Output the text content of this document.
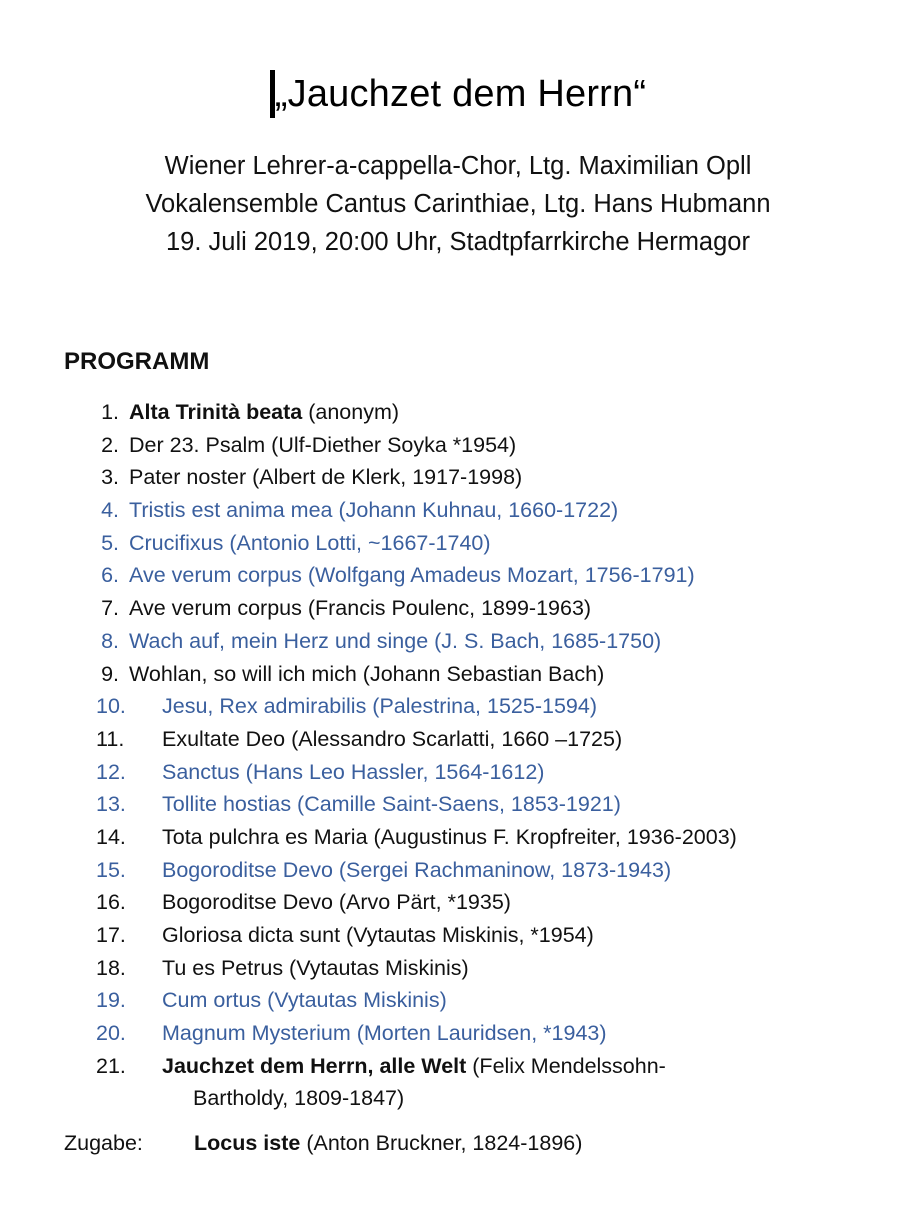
„Jauchzet dem Herrn“
Wiener Lehrer-a-cappella-Chor, Ltg. Maximilian Opll
Vokalensemble Cantus Carinthiae, Ltg. Hans Hubmann
19. Juli 2019, 20:00 Uhr, Stadtpfarrkirche Hermagor
PROGRAMM
1. Alta Trinità beata (anonym)
2. Der 23. Psalm (Ulf-Diether Soyka *1954)
3. Pater noster (Albert de Klerk, 1917-1998)
4. Tristis est anima mea (Johann Kuhnau, 1660-1722)
5. Crucifixus (Antonio Lotti, ~1667-1740)
6. Ave verum corpus (Wolfgang Amadeus Mozart, 1756-1791)
7. Ave verum corpus (Francis Poulenc, 1899-1963)
8. Wach auf, mein Herz und singe (J. S. Bach, 1685-1750)
9. Wohlan, so will ich mich (Johann Sebastian Bach)
10. Jesu, Rex admirabilis (Palestrina, 1525-1594)
11. Exultate Deo (Alessandro Scarlatti, 1660 –1725)
12. Sanctus (Hans Leo Hassler, 1564-1612)
13. Tollite hostias (Camille Saint-Saens, 1853-1921)
14. Tota pulchra es Maria (Augustinus F. Kropfreiter, 1936-2003)
15. Bogoroditse Devo (Sergei Rachmaninow, 1873-1943)
16. Bogoroditse Devo (Arvo Pärt, *1935)
17. Gloriosa dicta sunt (Vytautas Miskinis, *1954)
18. Tu es Petrus (Vytautas Miskinis)
19. Cum ortus (Vytautas Miskinis)
20. Magnum Mysterium (Morten Lauridsen, *1943)
21. Jauchzet dem Herrn, alle Welt (Felix Mendelssohn-
Bartholdy, 1809-1847)
Zugabe: Locus iste (Anton Bruckner, 1824-1896)
